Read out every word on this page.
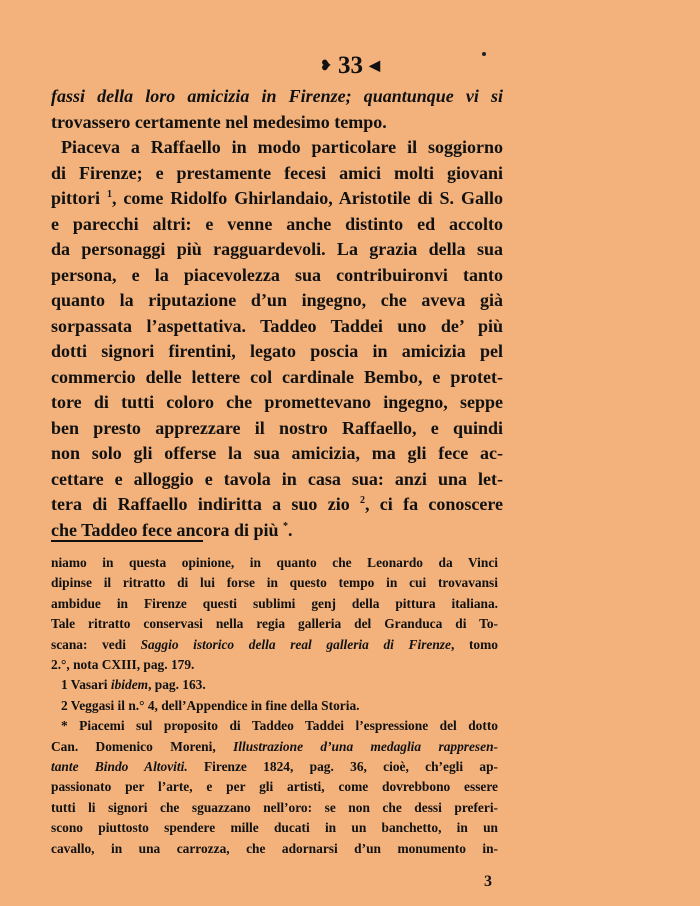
❥ 33 ◀
fassi della loro amicizia in Firenze; quantunque vi si
trovassero certamente nel medesimo tempo.
Piaceva a Raffaello in modo particolare il soggiorno
di Firenze; e prestamente fecesi amici molti giovani
pittori $^1$, come Ridolfo Ghirlandaio, Aristotile di S. Gallo
e parecchi altri: e venne anche distinto ed accolto
da personaggi più ragguardevoli. La grazia della sua
persona, e la piacevolezza sua contribuironvi tanto
quanto la riputazione d’un ingegno, che aveva già
sorpassata l’aspettativa. Taddeo Taddei uno de’ più
dotti signori firentini, legato poscia in amicizia pel
commercio delle lettere col cardinale Bembo, e protet-
tore di tutti coloro che promettevano ingegno, seppe
ben presto apprezzare il nostro Raffaello, e quindi
non solo gli offerse la sua amicizia, ma gli fece ac-
cettare e alloggio e tavola in casa sua: anzi una let-
tera di Raffaello indiritta a suo zio $^2$, ci fa conoscere
che Taddeo fece ancora di più *.
niamo in questa opinione, in quanto che Leonardo da Vinci
dipinse il ritratto di lui forse in questo tempo in cui trovavansi
ambidue in Firenze questi sublimi genj della pittura italiana.
Tale ritratto conservasi nella regia galleria del Granduca di To-
scana: vedi Saggio istorico della real galleria di Firenze, tomo
2.°, nota CXIII, pag. 179.
1 Vasari ibidem, pag. 163.
2 Veggasi il n.° 4, dell’Appendice in fine della Storia.
* Piacemi sul proposito di Taddeo Taddei l’espressione del dotto
Can. Domenico Moreni, Illustrazione d’una medaglia rappresen-
tante Bindo Altoviti. Firenze 1824, pag. 36, cioè, ch’egli ap-
passionato per l’arte, e per gli artisti, come dovrebbono essere
tutti li signori che sguazzano nell’oro: se non che dessi preferi-
scono piuttosto spendere mille ducati in un banchetto, in un
cavallo, in una carrozza, che adornarsi d’un monumento in-
3
